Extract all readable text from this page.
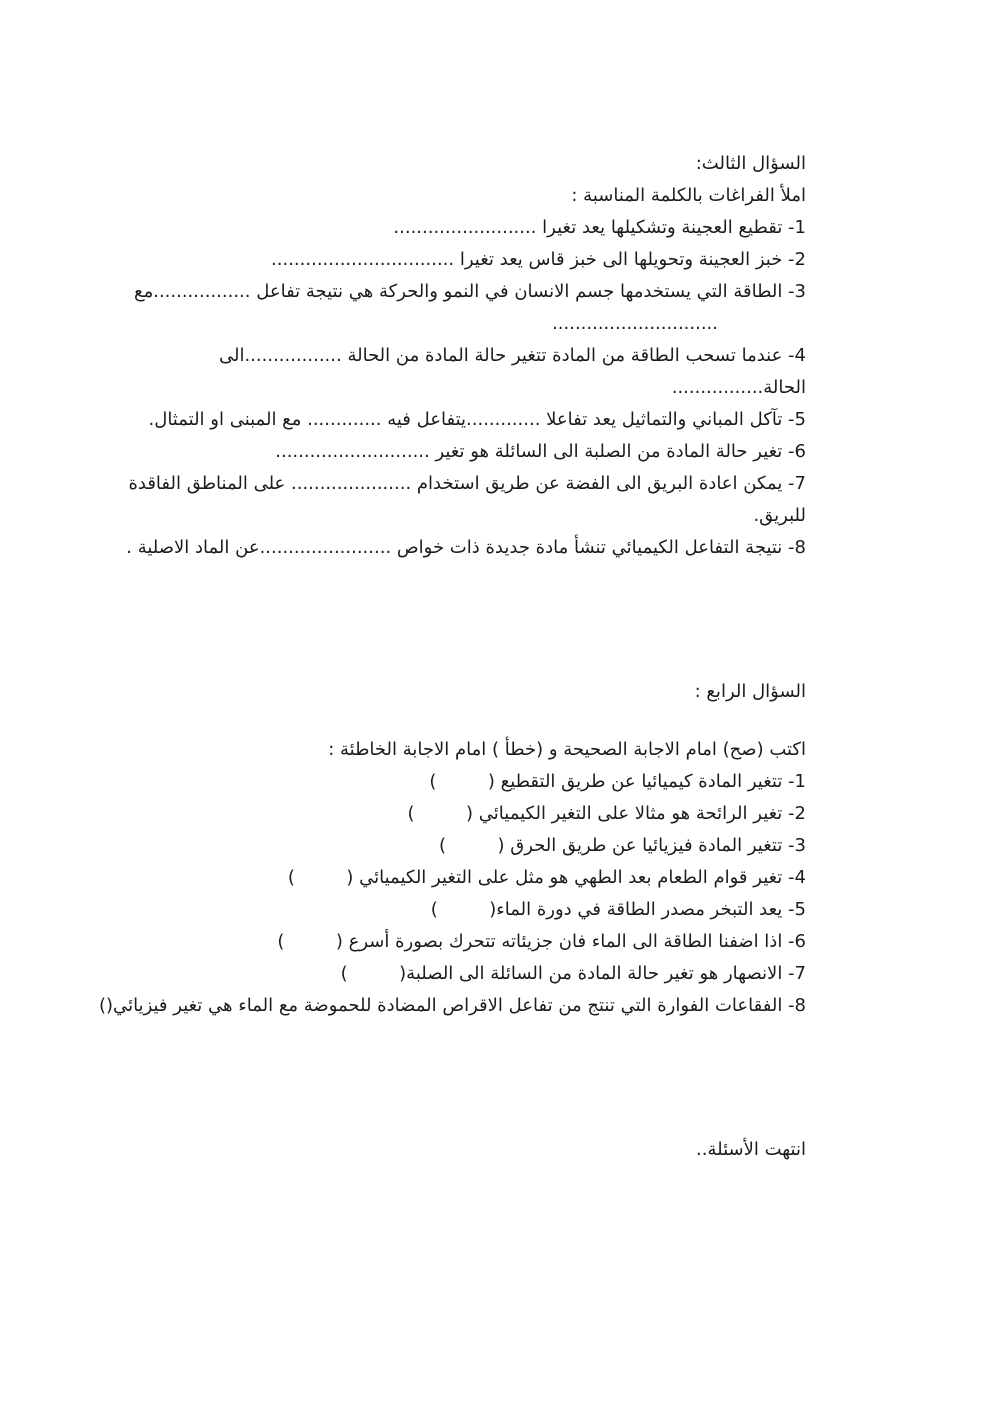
السؤال الثالث:
املأ الفراغات بالكلمة المناسبة :
1- تقطيع العجينة وتشكيلها يعد تغيرا .........................
2- خبز العجينة وتحويلها الى خبز قاس يعد تغيرا ................................
3- الطاقة التي يستخدمها جسم الانسان في النمو والحركة هي نتيجة تفاعل .................مع
.............................
4- عندما تسحب الطاقة من المادة تتغير حالة المادة من الحالة .................الى
الحالة................
5- تآكل المباني والتماثيل يعد تفاعلا .............يتفاعل فيه ............. مع المبنى او التمثال.
6- تغير حالة المادة من الصلبة الى السائلة هو تغير ...........................
7- يمكن اعادة البريق الى الفضة عن طريق استخدام ..................... على المناطق الفاقدة
للبريق.
8- نتيجة التفاعل الكيميائي تنشأ مادة جديدة ذات خواص .......................عن الماد الاصلية .
السؤال الرابع :
اكتب (صح) امام الاجابة الصحيحة و (خطأ ) امام الاجابة الخاطئة :
1- تتغير المادة كيميائيا عن طريق التقطيع (         )
2- تغير الرائحة هو مثالا على التغير الكيميائي (         )
3- تتغير المادة فيزيائيا عن طريق الحرق (         )
4- تغير قوام الطعام بعد الطهي هو مثل على التغير الكيميائي (         )
5- يعد التبخر مصدر الطاقة في دورة الماء(         )
6- اذا اضفنا الطاقة الى الماء فان جزيئاته تتحرك بصورة أسرع (         )
7- الانصهار هو تغير حالة المادة من السائلة الى الصلبة(         )
8- الفقاعات الفوارة التي تنتج من تفاعل الاقراص المضادة للحموضة مع الماء هي تغير فيزيائي()
انتهت الأسئلة..
